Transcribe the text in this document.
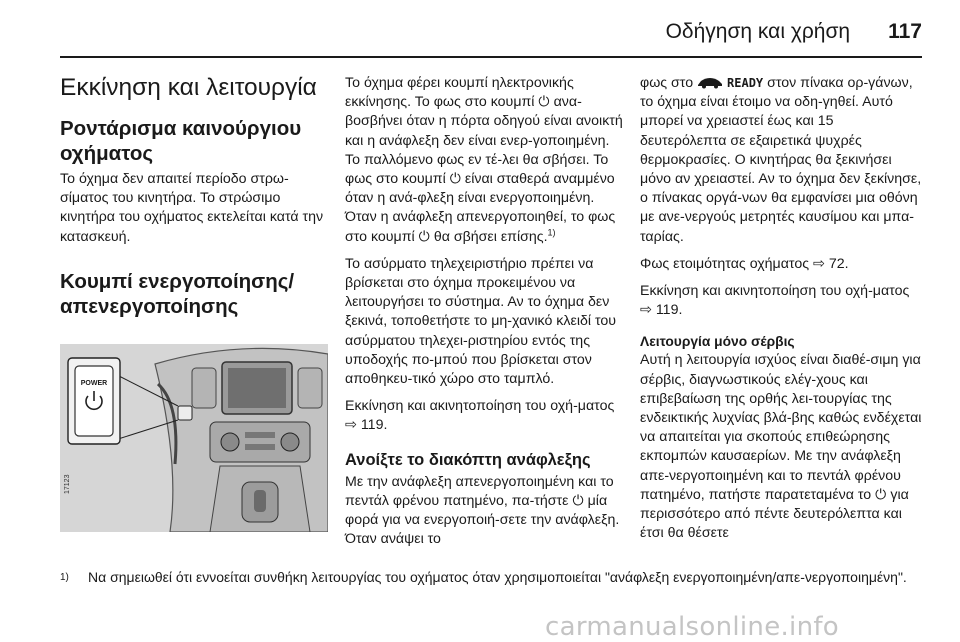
Οδήγηση και χρήση 117
Εκκίνηση και λειτουργία
Ροντάρισμα καινούργιου οχήματος

Το όχημα δεν απαιτεί περίοδο στρω-σίματος του κινητήρα. Το στρώσιμο κινητήρα του οχήματος εκτελείται κατά την κατασκευή.

Κουμπί ενεργοποίησης/ απενεργοποίησης
POWER
17123

Το όχημα φέρει κουμπί ηλεκτρονικής εκκίνησης. Το φως στο κουμπί ⏻ ανα-βοσβήνει όταν η πόρτα οδηγού είναι ανοικτή και η ανάφλεξη δεν είναι ενερ-γοποιημένη. Το παλλόμενο φως εν τέ-λει θα σβήσει. Το φως στο κουμπί ⏻ είναι σταθερά αναμμένο όταν η ανά-φλεξη είναι ενεργοποιημένη. Όταν η ανάφλεξη απενεργοποιηθεί, το φως στο κουμπί ⏻ θα σβήσει επίσης.$^{1)}$

Το ασύρματο τηλεχειριστήριο πρέπει να βρίσκεται στο όχημα προκειμένου να λειτουργήσει το σύστημα. Αν το όχημα δεν ξεκινά, τοποθετήστε το μη-χανικό κλειδί του ασύρματου τηλεχει-ριστηρίου εντός της υποδοχής πο-μπού που βρίσκεται στον αποθηκευ-τικό χώρο στο ταμπλό.

Εκκίνηση και ακινητοποίηση του οχή-ματος ⇨ 119.

Ανοίξτε το διακόπτη ανάφλεξης

Με την ανάφλεξη απενεργοποιημένη και το πεντάλ φρένου πατημένο, πα-τήστε ⏻ μία φορά για να ενεργοποιή-σετε την ανάφλεξη. Όταν ανάψει το

φως στο	READY στον πίνακα ορ-γάνων, το όχημα είναι έτοιμο να οδη-γηθεί. Αυτό μπορεί να χρειαστεί έως και 15 δευτερόλεπτα σε εξαιρετικά ψυχρές θερμοκρασίες. Ο κινητήρας θα ξεκινήσει μόνο αν χρειαστεί. Αν το όχημα δεν ξεκίνησε, ο πίνακας οργά-νων θα εμφανίσει μια οθόνη με ανε-νεργούς μετρητές καυσίμου και μπα-ταρίας.

Φως ετοιμότητας οχήματος ⇨ 72.

Εκκίνηση και ακινητοποίηση του οχή-ματος ⇨ 119.

Λειτουργία μόνο σέρβις

Αυτή η λειτουργία ισχύος είναι διαθέ-σιμη για σέρβις, διαγνωστικούς ελέγ-χους και επιβεβαίωση της ορθής λει-τουργίας της ενδεικτικής λυχνίας βλά-βης καθώς ενδέχεται να απαιτείται για σκοπούς επιθεώρησης εκπομπών καυσαερίων. Με την ανάφλεξη απε-νεργοποιημένη και το πεντάλ φρένου πατημένο, πατήστε παρατεταμένα το ⏻ για περισσότερο από πέντε δευτερόλεπτα και έτσι θα θέσετε

1)	Να σημειωθεί ότι εννοείται συνθήκη λειτουργίας του οχήματος όταν χρησιμοποιείται "ανάφλεξη ενεργοποιημένη/απε-νεργοποιημένη".
carmanualsonline.info
